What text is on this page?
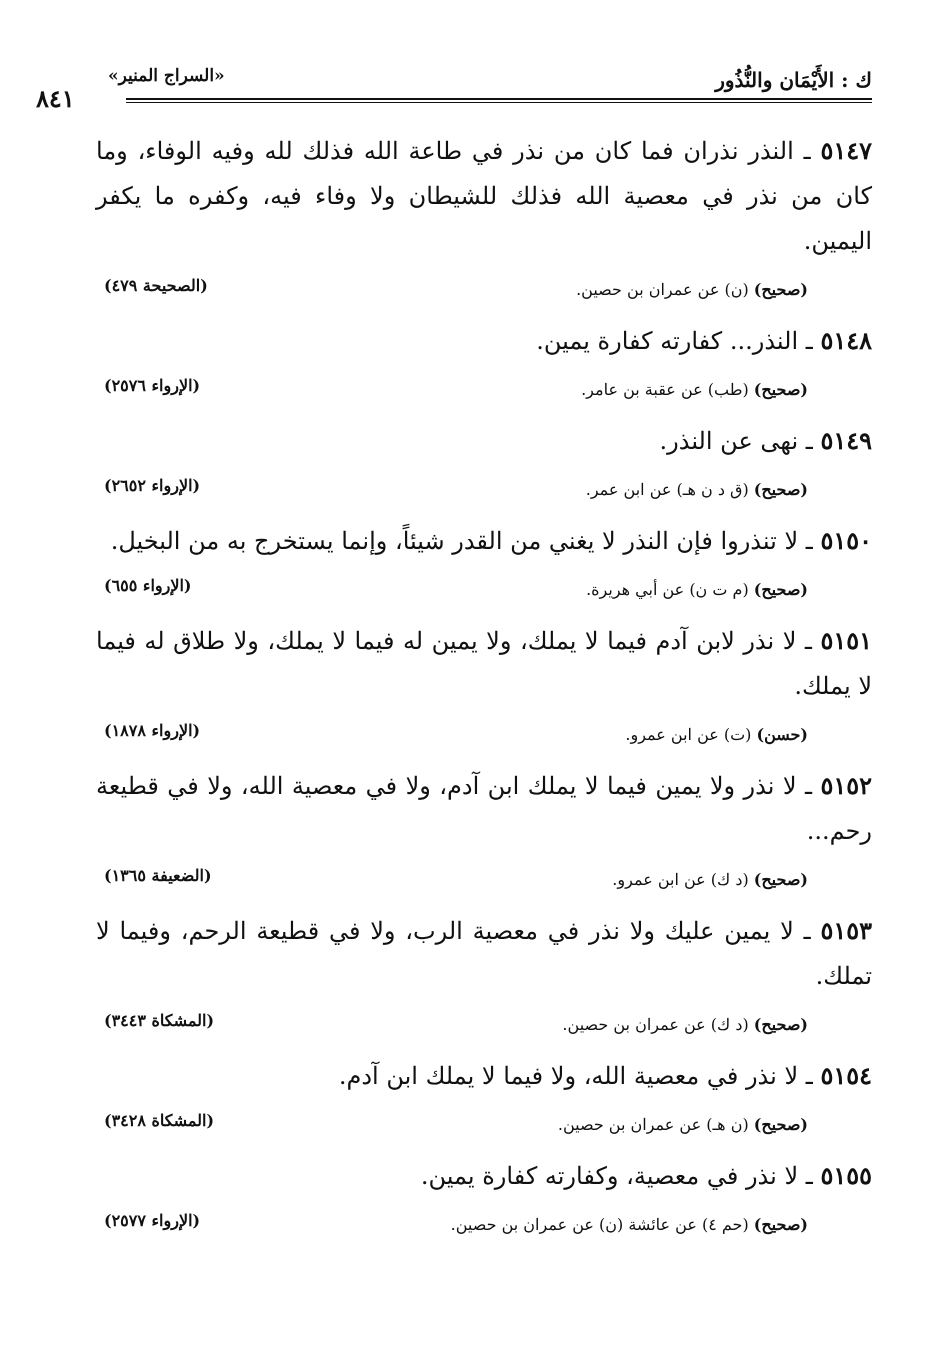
ك : الأَيْمَان والنُّذُور
«السراج المنير»
٨٤١

٥١٤٧ ـ النذر نذران فما كان من نذر في طاعة الله فذلك لله وفيه الوفاء، وما كان من نذر في معصية الله فذلك للشيطان ولا وفاء فيه، وكفره ما يكفر اليمين.

(صحيح) (ن) عن عمران بن حصين.
(الصحيحة ٤٧٩)

٥١٤٨ ـ النذر... كفارته كفارة يمين.

(صحيح) (طب) عن عقبة بن عامر.
(الإرواء ٢٥٧٦)

٥١٤٩ ـ نهى عن النذر.

(صحيح) (ق د ن هـ) عن ابن عمر.
(الإرواء ٢٦٥٢)

٥١٥٠ ـ لا تنذروا فإن النذر لا يغني من القدر شيئاً، وإنما يستخرج به من البخيل.

(صحيح) (م ت ن) عن أبي هريرة.
(الإرواء ٦٥٥)

٥١٥١ ـ لا نذر لابن آدم فيما لا يملك، ولا يمين له فيما لا يملك، ولا طلاق له فيما لا يملك.

(حسن) (ت) عن ابن عمرو.
(الإرواء ١٨٧٨)

٥١٥٢ ـ لا نذر ولا يمين فيما لا يملك ابن آدم، ولا في معصية الله، ولا في قطيعة رحم...

(صحيح) (د ك) عن ابن عمرو.
(الضعيفة ١٣٦٥)

٥١٥٣ ـ لا يمين عليك ولا نذر في معصية الرب، ولا في قطيعة الرحم، وفيما لا تملك.

(صحيح) (د ك) عن عمران بن حصين.
(المشكاة ٣٤٤٣)

٥١٥٤ ـ لا نذر في معصية الله، ولا فيما لا يملك ابن آدم.

(صحيح) (ن هـ) عن عمران بن حصين.
(المشكاة ٣٤٢٨)

٥١٥٥ ـ لا نذر في معصية، وكفارته كفارة يمين.

(صحيح) (حم ٤) عن عائشة (ن) عن عمران بن حصين.
(الإرواء ٢٥٧٧)
